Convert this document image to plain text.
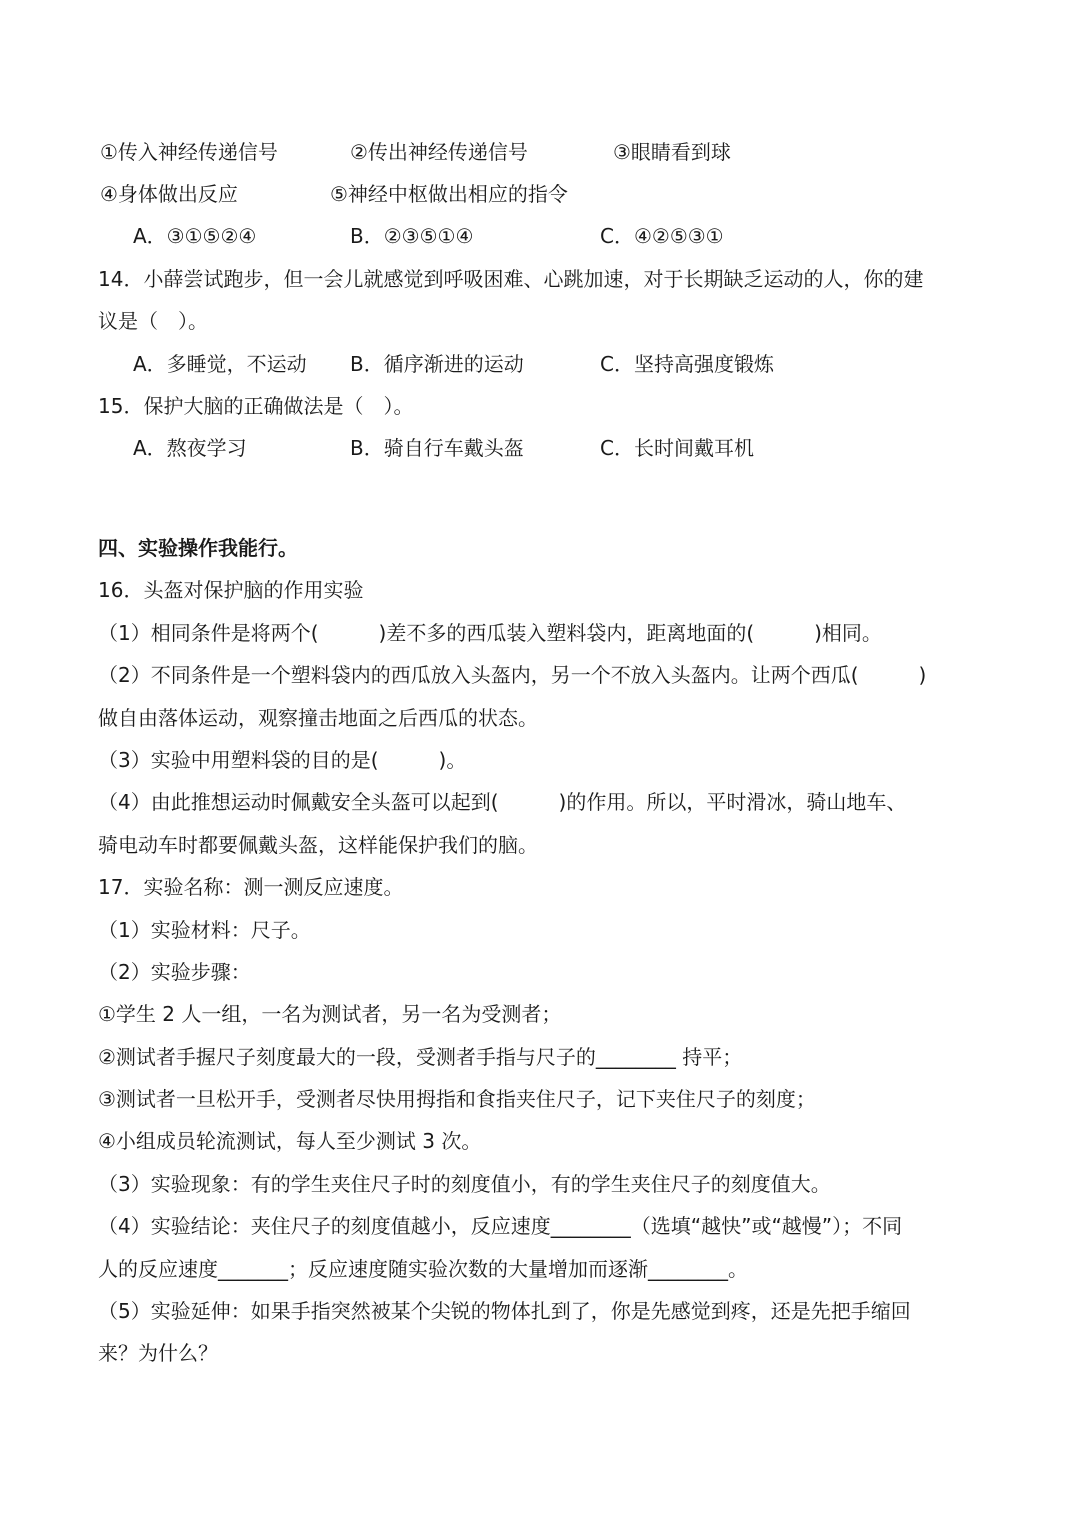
①传入神经传递信号	②传出神经传递信号	③眼睛看到球
④身体做出反应	⑤神经中枢做出相应的指令
A．③①⑤②④	B．②③⑤①④	C．④②⑤③①
14．小薛尝试跑步，但一会儿就感觉到呼吸困难、心跳加速，对于长期缺乏运动的人，你的建
议是（　）。
A．多睡觉，不运动 B．循序渐进的运动	C．坚持高强度锻炼
15．保护大脑的正确做法是（　）。
A．熬夜学习	B．骑自行车戴头盔	C．长时间戴耳机
四、实验操作我能行。
16．头盔对保护脑的作用实验
（1）相同条件是将两个(　　　)差不多的西瓜装入塑料袋内，距离地面的(　　　)相同。
（2）不同条件是一个塑料袋内的西瓜放入头盔内，另一个不放入头盔内。让两个西瓜(　　　)
做自由落体运动，观察撞击地面之后西瓜的状态。
（3）实验中用塑料袋的目的是(　　　)。
（4）由此推想运动时佩戴安全头盔可以起到(　　　)的作用。所以，平时滑冰，骑山地车、
骑电动车时都要佩戴头盔，这样能保护我们的脑。
17．实验名称：测一测反应速度。
（1）实验材料：尺子。
（2）实验步骤：
①学生 2 人一组，一名为测试者，另一名为受测者；
②测试者手握尺子刻度最大的一段，受测者手指与尺子的________ 持平；
③测试者一旦松开手，受测者尽快用拇指和食指夹住尺子，记下夹住尺子的刻度；
④小组成员轮流测试，每人至少测试 3 次。
（3）实验现象：有的学生夹住尺子时的刻度值小，有的学生夹住尺子的刻度值大。
（4）实验结论：夹住尺子的刻度值越小，反应速度________（选填“越快”或“越慢”）；不同
人的反应速度_______；反应速度随实验次数的大量增加而逐渐________。
（5）实验延伸：如果手指突然被某个尖锐的物体扎到了，你是先感觉到疼，还是先把手缩回
来？为什么？
